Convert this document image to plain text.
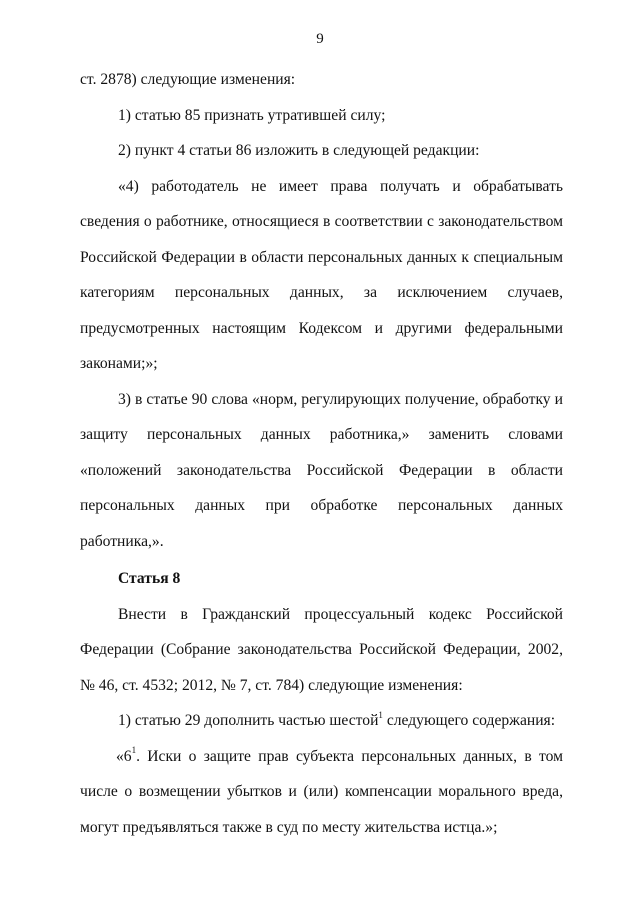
9

ст. 2878) следующие изменения:

1) статью 85 признать утратившей силу;

2) пункт 4 статьи 86 изложить в следующей редакции:

«4) работодатель не имеет права получать и обрабатывать сведения о работнике, относящиеся в соответствии с законодательством Российской Федерации в области персональных данных к специальным категориям персональных данных, за исключением случаев, предусмотренных настоящим Кодексом и другими федеральными законами;»;

3) в статье 90 слова «норм, регулирующих получение, обработку и защиту персональных данных работника,» заменить словами «положений законодательства Российской Федерации в области персональных данных при обработке персональных данных работника,».

Статья 8

Внести в Гражданский процессуальный кодекс Российской Федерации (Собрание законодательства Российской Федерации, 2002, № 46, ст. 4532; 2012, № 7, ст. 784) следующие изменения:

1) статью 29 дополнить частью шестой$^1$ следующего содержания:

«$6^1$. Иски о защите прав субъекта персональных данных, в том числе о возмещении убытков и (или) компенсации морального вреда, могут предъявляться также в суд по месту жительства истца.»;
